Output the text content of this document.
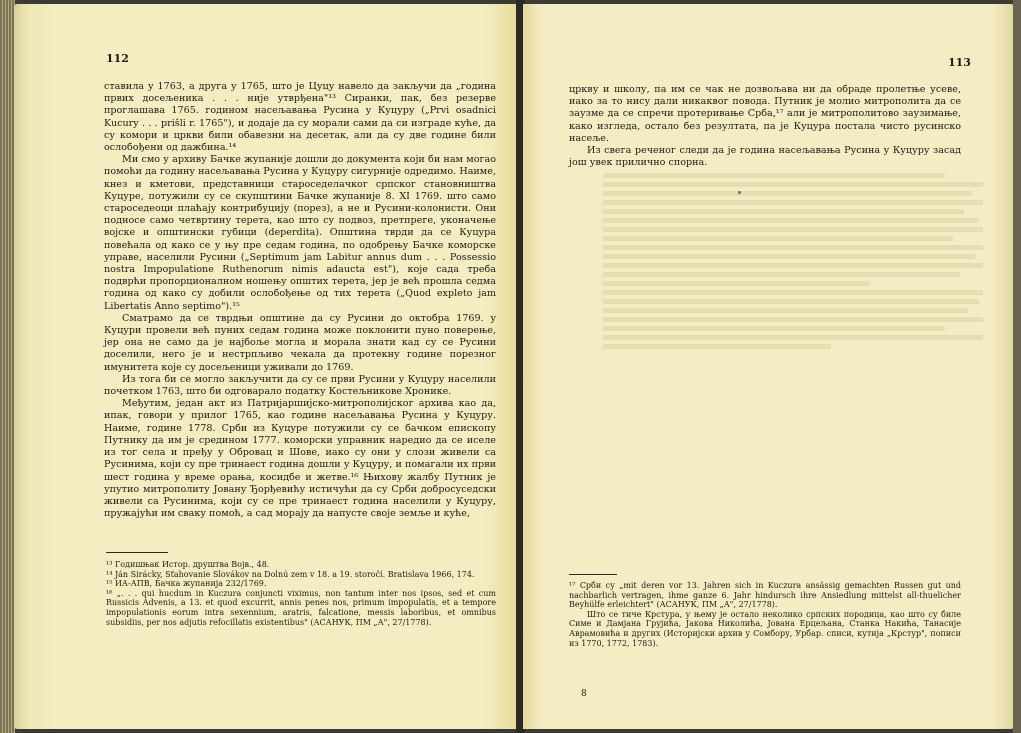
112

стaвила у 1763, а друга у 1765, што је Цуцу навело да закључи да „година првих досељеника . . . није утврђена"¹³ Сиранки, пак, без резерве проглашава 1765. годином насељавања Русина у Куцуру („Prvi osadnici Kucury . . . prišli r. 1765"), и додаје да су морали сами да си изграде куће, да су комори и цркви били обавезни на десетак, али да су две године били ослобођени од дажбина.¹⁴

Ми смо у архиву Бачке жупаније дошли до документа који би нам могао помоћи да годину насељавања Русина у Куцуру сигурније одредимо. Наиме, кнез и кметови, представници староседелачког српског становништва Куцуре, потужили су се скупштини Бачке жупаније 8. XI 1769. што само староседеоци плаћају контрибуцију (порез), а не и Русини-колонисти. Они подносе само четвртину терета, као што су подвоз, претпреге, уконачење војске и општински губици (deperdita). Општина тврди да се Куцура повећала од како се у њу пре седам година, по одобрењу Бачке коморске управе, населили Русини („Septimum jam Labitur annus dum . . . Possessio nostra Impopulatione Ruthenorum nimis adaucta est"), које сада треба подврћи пропорционалном ношењу општих терета, јер је већ прошла седма година од како су добили ослобођење од тих терета („Quod expleto jam Libertatis Anno septimo").¹⁵

Сматрамо да се тврдњи општине да су Русини до октобра 1769. у Куцури провели већ пуних седам година може поклонити пуно поверење, јер она не само да је најбоље могла и морала знати кад су се Русини доселили, него је и нестрпљиво чекала да протекну године порезног имунитета које су досељеници уживали до 1769.

Из тога би се могло закључити да су се први Русини у Куцуру населили почетком 1763, што би одговарало податку Костељникове Хронике.

Међутим, један акт из Патријаршијско-митрополијског архива као да, ипак, говори у прилог 1765, као године насељавања Русина у Куцуру. Наиме, године 1778. Срби из Куцуре потужили су се бачком епископу Путнику да им је средином 1777. коморски управник наредио да се иселе из тог села и пређу у Обровац и Шове, иако су они у слози живели са Русинима, који су пре тринаест година дошли у Куцуру, и помагали их први шест година у време орања, косидбе и жетве.¹⁶ Њихову жалбу Путник је упутио митрополиту Јовану Ђорђевићу истичући да су Срби добросуседски живели са Русинима, који су се пре тринаест година населили у Куцуру, пружајући им сваку помоћ, а сад морају да напусте своје земље и куће,

¹³ Годишњак Истор. друштва Војв., 48.

¹⁴ Ján Sirácky, Sťahovanie Slovákov na Dolnú zem v 18. a 19. storočí. Bratislava 1966, 174.

¹⁵ ИА-АПВ, Бачка жупанија 232/1769.

¹⁶ „. . . qui hucdum in Kuczura conjuncti viximus, non tantum inter nos ipsos, sed et cum Russicis Advenis, a 13. et quod excurrit, annis penes nos, primum impopulatis, et a tempore impopulationis eorum intra sexennium, aratris, falcatione, messis laboribus, et omnibus subsidiis, per nos adjutis refocillatis existentibus" (АСАНУК, ПМ „А", 27/1778).

113

цркву и школу, па им се чак не дозвољава ни да обраде пролетње усеве, иако за то нису дали никаквог повода. Путник је молио митрополита да се заузме да се спречи протеривање Срба,¹⁷ али је митрополитово заузимање, како изгледа, остало без резултата, па је Куцура постала чисто русинско насеље.

Из свега реченог следи да је година насељавања Русина у Куцуру засад још увек прилично спорна.

¹⁷ Срби су „mit deren vor 13. Jahren sich in Kuczura ansässig gemachten Russen gut und nachbarlich vertragen, ihme ganze 6. Jahr hindursch ihre Ansiedlung mittelst all-thuelicher Beyhülfe erleichtert" (АСАНУК, ПМ „А", 27/1778).

Што се тиче Крстура, у њему је остало неколико српских породица, као што су биле Симе и Дамјана Грујића, Јакова Николића, Јована Ерцељана, Станка Накића, Танасије Аврамовића и других (Историјски архив у Сомбору, Урбар. списи, кутија „Крстур", пописи из 1770, 1772, 1783).

8
